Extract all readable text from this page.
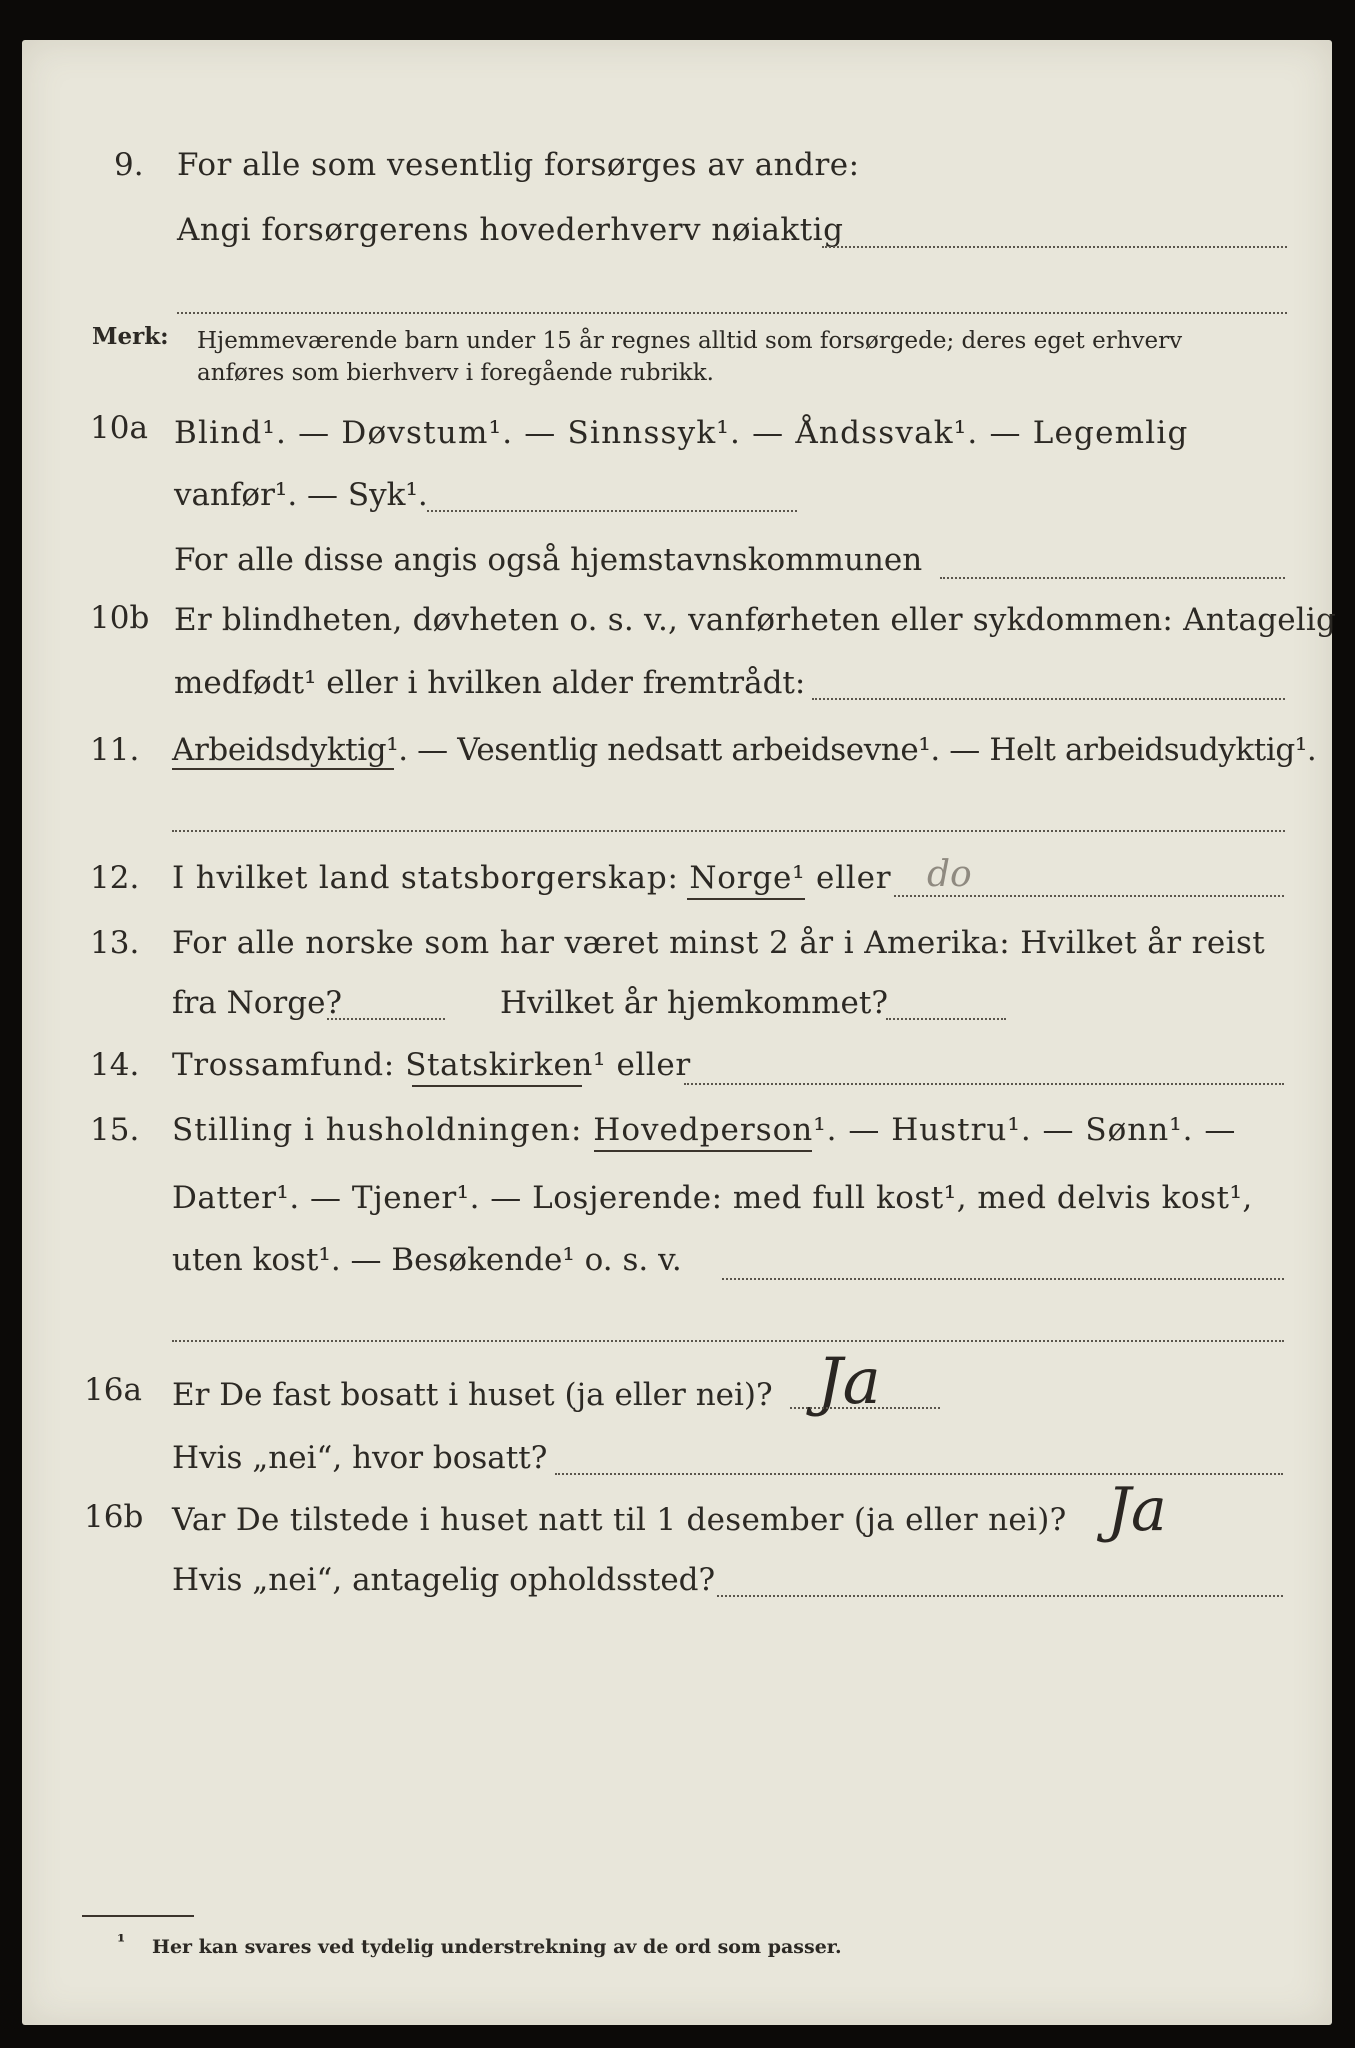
9. For alle som vesentlig forsørges av andre:
Angi forsørgerens hovederhverv nøiaktig
Merk: Hjemmeværende barn under 15 år regnes alltid som forsørgede; deres eget erhverv
anføres som bierhverv i foregående rubrikk.
10a Blind¹. — Døvstum¹. — Sinnssyk¹. — Åndssvak¹. — Legemlig
vanfør¹. — Syk¹.
For alle disse angis også hjemstavnskommunen
10b Er blindheten, døvheten o. s. v., vanførheten eller sykdommen: Antagelig
medfødt¹ eller i hvilken alder fremtrådt:
11. Arbeidsdyktig¹. — Vesentlig nedsatt arbeidsevne¹. — Helt arbeidsudyktig¹.
12. I hvilket land statsborgerskap: Norge¹ eller do
13. For alle norske som har været minst 2 år i Amerika: Hvilket år reist
fra Norge?	Hvilket år hjemkommet?
14. Trossamfund: Statskirken¹ eller
15. Stilling i husholdningen: Hovedperson¹. — Hustru¹. — Sønn¹. —
Datter¹. — Tjener¹. — Losjerende: med full kost¹, med delvis kost¹,
uten kost¹. — Besøkende¹ o. s. v.
16a Er De fast bosatt i huset (ja eller nei)? Ja
Hvis „nei“, hvor bosatt?
16b Var De tilstede i huset natt til 1 desember (ja eller nei)? Ja
Hvis „nei“, antagelig opholdssted?
¹ Her kan svares ved tydelig understrekning av de ord som passer.
